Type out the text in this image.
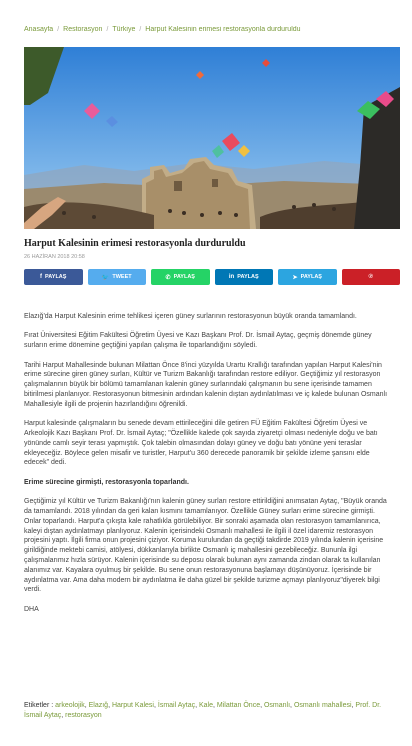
Anasayfa / Restorasyon / Türkiye / Harput Kalesinin erimesi restorasyonla durduruldu
Harput Kalesinin erimesi restorasyonla durduruldu
26 HAZİRAN 2018 20:58
f PAYLAŞ	🐦 TWEET	✆ PAYLAŞ	in PAYLAŞ	➤ PAYLAŞ	℗

Elazığ'da Harput Kalesinin erime tehlikesi içeren güney surlarının restorasyonun büyük oranda tamamlandı.

Fırat Üniversitesi Eğitim Fakültesi Öğretim Üyesi ve Kazı Başkanı Prof. Dr. İsmail Aytaç, geçmiş dönemde güney surların erime dönemine geçtiğini yapılan çalışma ile toparlandığını söyledi.

Tarihi Harput Mahallesinde bulunan Milattan Önce 8'inci yüzyılda Urartu Krallığı tarafından yapılan Harput Kalesi'nin erime sürecine giren güney surları, Kültür ve Turizm Bakanlığı tarafından restore ediliyor. Geçtiğimiz yıl restorasyon çalışmalarının büyük bir bölümü tamamlanan kalenin güney surlarındaki çalışmanın bu sene içerisinde tamamen bitirilmesi planlanıyor. Restorasyonun bitmesinin ardından kalenin dıştan aydınlatılması ve iç kalede bulunan Osmanlı Mahallesiyle ilgili de projenin hazırlandığını öğrenildi.

Harput kalesinde çalışmaların bu senede devam ettirileceğini dile getiren FÜ Eğitim Fakültesi Öğretim Üyesi ve Arkeolojik Kazı Başkanı Prof. Dr. İsmail Aytaç; "Özellikle kalede çok sayıda ziyaretçi olması nedeniyle doğu ve batı yönünde camlı seyir terası yapmıştık. Çok talebin olmasından dolayı güney ve doğu batı yönüne yeni teraslar ekleyeceğiz. Böylece gelen misafir ve turistler, Harput'u 360 derecede panoramik bir şekilde izleme şansını elde edecek" dedi.

Erime sürecine girmişti, restorasyonla toparlandı.

Geçtiğimiz yıl Kültür ve Turizm Bakanlığı'nın kalenin güney surları restore ettirildiğini anımsatan Aytaç, "Büyük oranda da tamamlandı. 2018 yılından da geri kalan kısmını tamamlanıyor. Özellikle Güney surları erime sürecine girmişti. Onlar toparlandı. Harput'a çıkışta kale rahatlıkla görülebiliyor. Bir sonraki aşamada olan restorasyon tamamlanırıca, kaleyi dıştan aydınlatmayı planlıyoruz. Kalenin içerisindeki Osmanlı mahallesi ile ilgili il özel idaremiz restorasyon projesini yaptı. İlgili firma onun projesini çiziyor. Koruma kurulundan da geçtiği takdirde 2019 yılında kalenin içerisine girildiğinde mektebi camisi, atölyesi, dükkanlarıyla birlikte Osmanlı iç mahallesini gezebileceğiz. Bununla ilgi çalışmalarımız hızla sürüyor. Kalenin içerisinde su deposu olarak bulunan aynı zamanda zindan olarak ta kullanılan alanımız var. Kayalara oyulmuş bir şekilde. Bu sene onun restorasyonuna başlamayı düşünüyoruz. İçerisinde bir aydınlatma var. Ama daha modern bir aydınlatma ile daha güzel bir şekilde turizme açmayı planlıyoruz"diyerek bilgi verdi.

DHA

Etiketler : arkeolojik, Elazığ, Harput Kalesi, İsmail Aytaç, Kale, Milattan Önce, Osmanlı, Osmanlı mahallesi, Prof. Dr. İsmail Aytaç, restorasyon
